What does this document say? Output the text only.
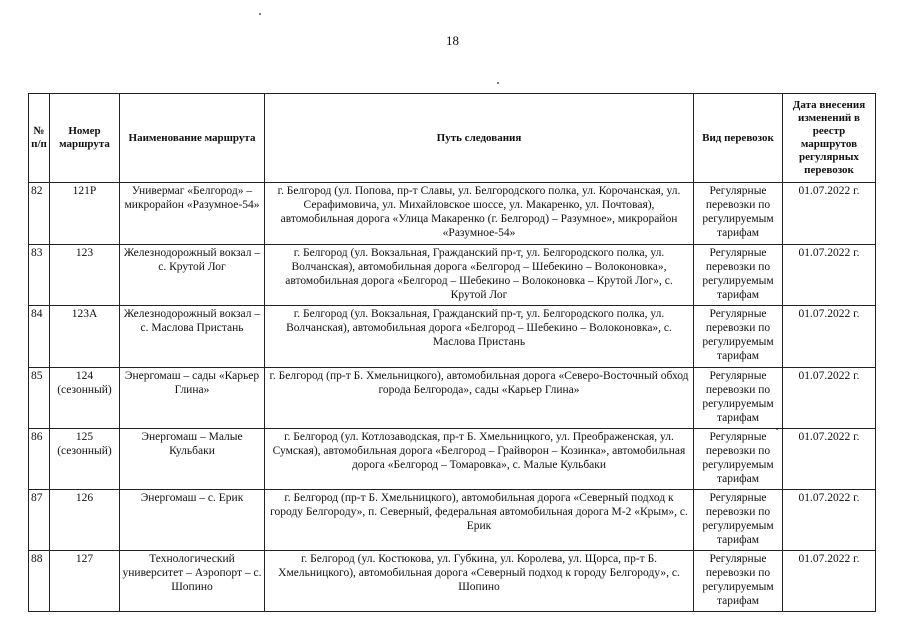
18
№ п/п	Номер маршрута	Наименование маршрута	Путь следования	Вид перевозок	Дата внесения изменений в реестр маршрутов регулярных перевозок
82	121Р	Универмаг «Белгород» – микрорайон «Разумное-54»	г. Белгород (ул. Попова, пр-т Славы, ул. Белгородского полка, ул. Корочанская, ул. Серафимовича, ул. Михайловское шоссе, ул. Макаренко, ул. Почтовая), автомобильная дорога «Улица Макаренко (г. Белгород) – Разумное», микрорайон «Разумное-54»	Регулярные перевозки по регулируемым тарифам	01.07.2022 г.
83	123	Железнодорожный вокзал – с. Крутой Лог	г. Белгород (ул. Вокзальная, Гражданский пр-т, ул. Белгородского полка, ул. Волчанская), автомобильная дорога «Белгород – Шебекино – Волоконовка», автомобильная дорога «Белгород – Шебекино – Волоконовка – Крутой Лог», с. Крутой Лог	Регулярные перевозки по регулируемым тарифам	01.07.2022 г.
84	123А	Железнодорожный вокзал – с. Маслова Пристань	г. Белгород (ул. Вокзальная, Гражданский пр-т, ул. Белгородского полка, ул. Волчанская), автомобильная дорога «Белгород – Шебекино – Волоконовка», с. Маслова Пристань	Регулярные перевозки по регулируемым тарифам	01.07.2022 г.
85	124 (сезонный)	Энергомаш – сады «Карьер Глина»	г. Белгород (пр-т Б. Хмельницкого), автомобильная дорога «Северо-Восточный обход города Белгорода», сады «Карьер Глина»	Регулярные перевозки по регулируемым тарифам	01.07.2022 г.
86	125 (сезонный)	Энергомаш – Малые Кульбаки	г. Белгород (ул. Котлозаводская, пр-т Б. Хмельницкого, ул. Преображенская, ул. Сумская), автомобильная дорога «Белгород – Грайворон – Козинка», автомобильная дорога «Белгород – Томаровка», с. Малые Кульбаки	Регулярные перевозки по регулируемым тарифам	01.07.2022 г.
87	126	Энергомаш – с. Ерик	г. Белгород (пр-т Б. Хмельницкого), автомобильная дорога «Северный подход к городу Белгороду», п. Северный, федеральная автомобильная дорога М-2 «Крым», с. Ерик	Регулярные перевозки по регулируемым тарифам	01.07.2022 г.
88	127	Технологический университет – Аэропорт – с. Шопино	г. Белгород (ул. Костюкова, ул. Губкина, ул. Королева, ул. Щорса, пр-т Б. Хмельницкого), автомобильная дорога «Северный подход к городу Белгороду», с. Шопино	Регулярные перевозки по регулируемым тарифам	01.07.2022 г.
